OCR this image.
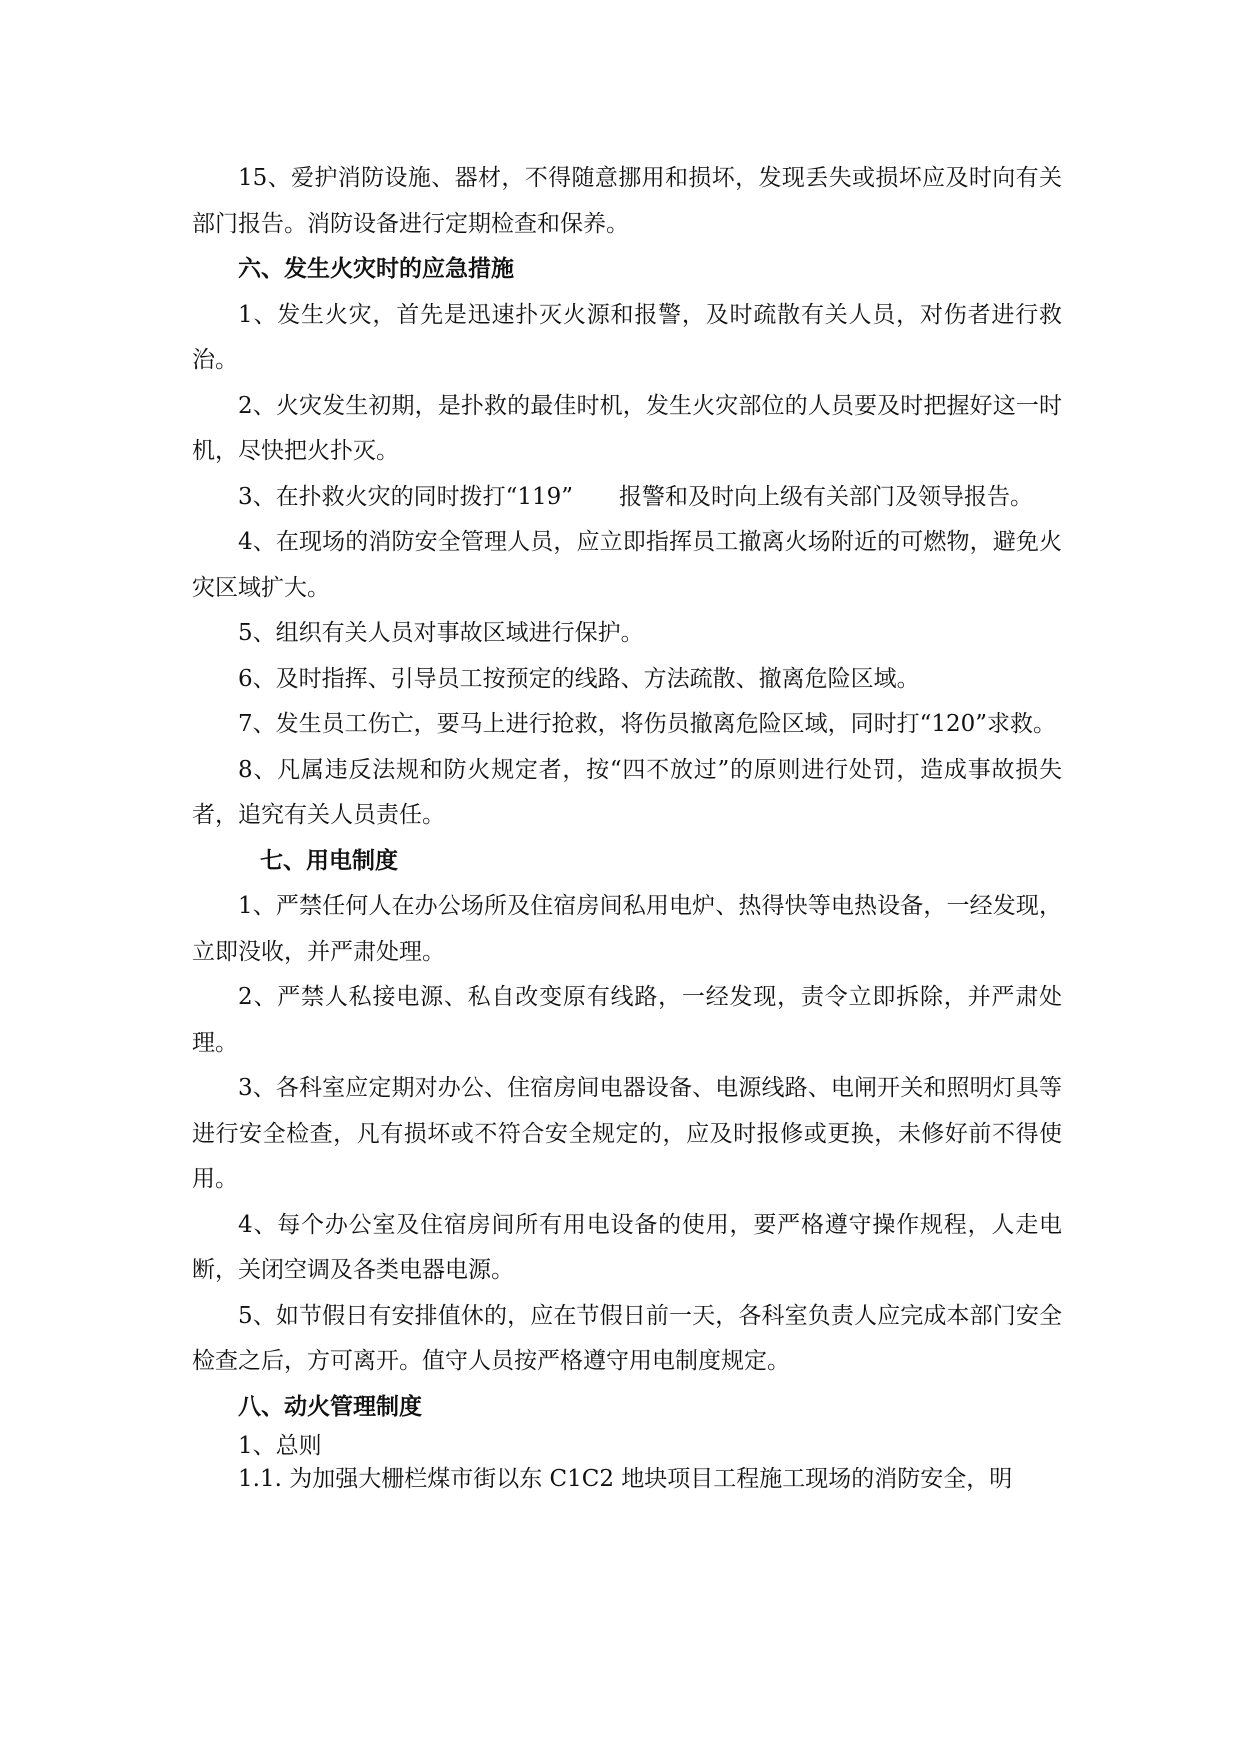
15、爱护消防设施、器材，不得随意挪用和损坏，发现丢失或损坏应及时向有关部门报告。消防设备进行定期检查和保养。

六、发生火灾时的应急措施

1、发生火灾，首先是迅速扑灭火源和报警，及时疏散有关人员，对伤者进行救治。

2、火灾发生初期，是扑救的最佳时机，发生火灾部位的人员要及时把握好这一时机，尽快把火扑灭。

3、在扑救火灾的同时拨打“119”　　报警和及时向上级有关部门及领导报告。

4、在现场的消防安全管理人员，应立即指挥员工撤离火场附近的可燃物，避免火灾区域扩大。

5、组织有关人员对事故区域进行保护。

6、及时指挥、引导员工按预定的线路、方法疏散、撤离危险区域。

7、发生员工伤亡，要马上进行抢救，将伤员撤离危险区域，同时打“120”求救。

8、凡属违反法规和防火规定者，按“四不放过”的原则进行处罚，造成事故损失者，追究有关人员责任。

七、用电制度

1、严禁任何人在办公场所及住宿房间私用电炉、热得快等电热设备，一经发现，立即没收，并严肃处理。

2、严禁人私接电源、私自改变原有线路，一经发现，责令立即拆除，并严肃处理。

3、各科室应定期对办公、住宿房间电器设备、电源线路、电闸开关和照明灯具等进行安全检查，凡有损坏或不符合安全规定的，应及时报修或更换，未修好前不得使用。

4、每个办公室及住宿房间所有用电设备的使用，要严格遵守操作规程，人走电断，关闭空调及各类电器电源。

5、如节假日有安排值休的，应在节假日前一天，各科室负责人应完成本部门安全检查之后，方可离开。值守人员按严格遵守用电制度规定。

八、动火管理制度

1、总则

1.1. 为加强大栅栏煤市街以东 C1C2 地块项目工程施工现场的消防安全，明
